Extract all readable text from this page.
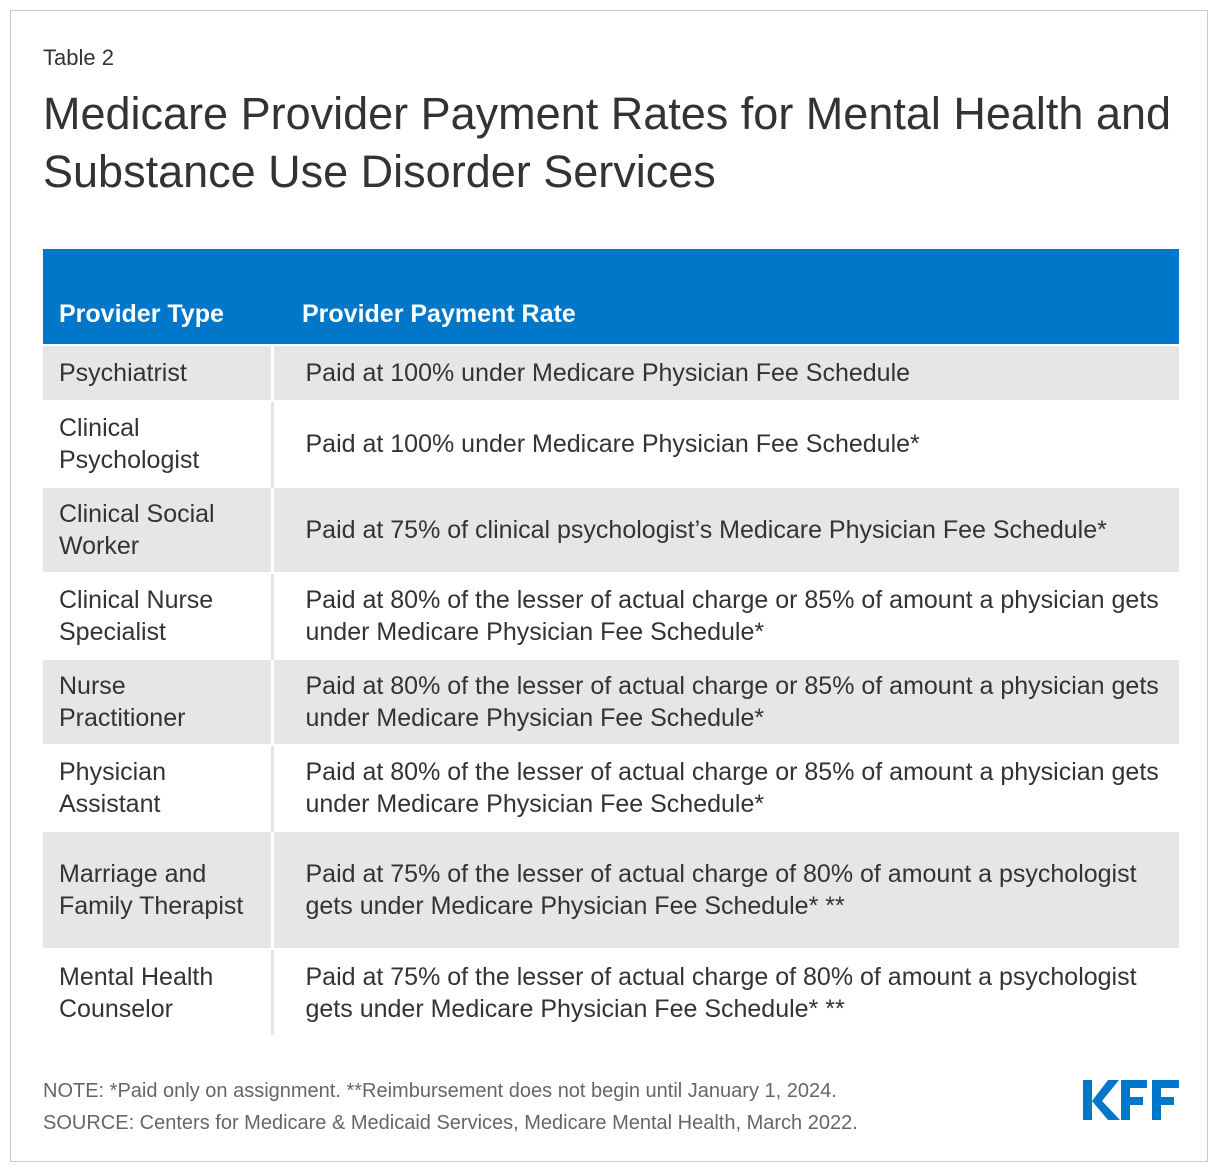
Table 2

Medicare Provider Payment Rates for Mental Health and Substance Use Disorder Services
Provider Type	Provider Payment Rate
Psychiatrist	Paid at 100% under Medicare Physician Fee Schedule
Clinical Psychologist	Paid at 100% under Medicare Physician Fee Schedule*
Clinical Social Worker	Paid at 75% of clinical psychologist’s Medicare Physician Fee Schedule*
Clinical Nurse Specialist	Paid at 80% of the lesser of actual charge or 85% of amount a physician gets under Medicare Physician Fee Schedule*
Nurse Practitioner	Paid at 80% of the lesser of actual charge or 85% of amount a physician gets under Medicare Physician Fee Schedule*
Physician Assistant	Paid at 80% of the lesser of actual charge or 85% of amount a physician gets under Medicare Physician Fee Schedule*
Marriage and Family Therapist	Paid at 75% of the lesser of actual charge of 80% of amount a psychologist gets under Medicare Physician Fee Schedule* **
Mental Health Counselor	Paid at 75% of the lesser of actual charge of 80% of amount a psychologist gets under Medicare Physician Fee Schedule* **
NOTE: *Paid only on assignment. **Reimbursement does not begin until January 1, 2024.
SOURCE: Centers for Medicare & Medicaid Services, Medicare Mental Health, March 2022.
